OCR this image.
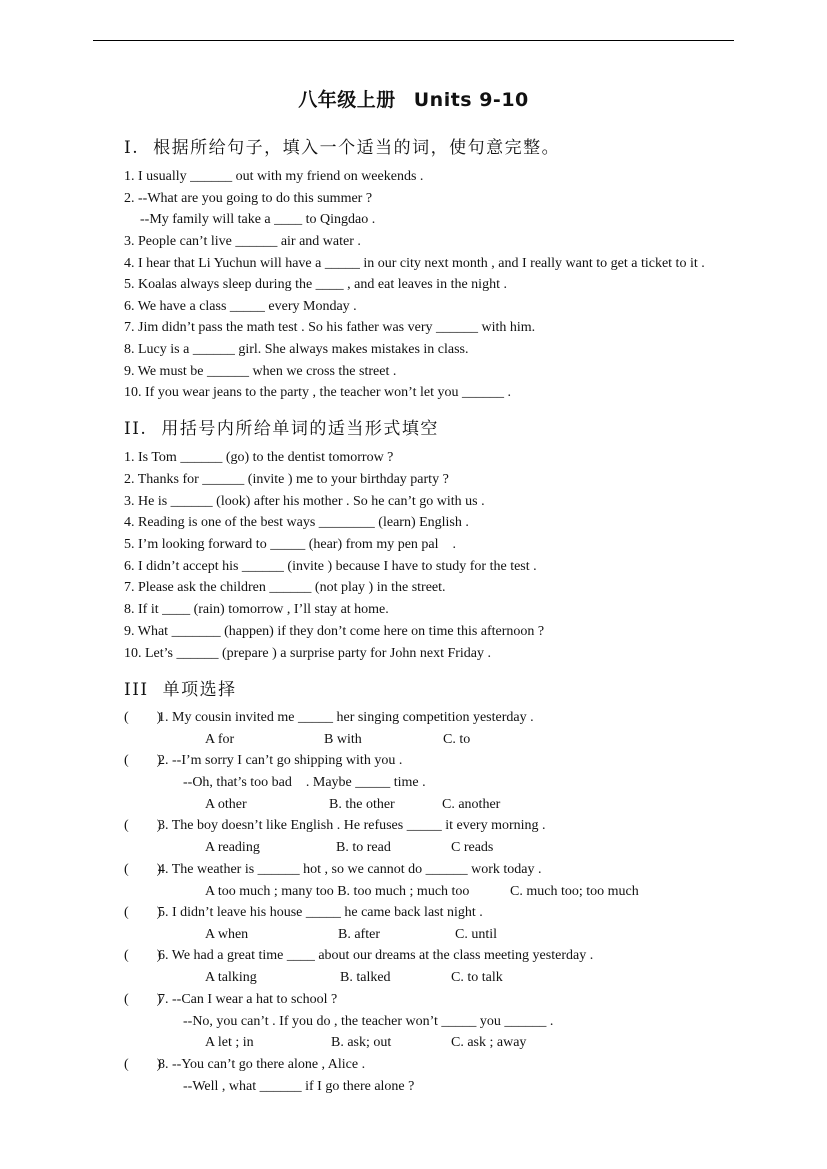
八年级上册 Units 9-10
I. 根据所给句子，填入一个适当的词，使句意完整。
1. I usually ______ out with my friend on weekends .
2. --What are you going to do this summer ?
--My family will take a ____ to Qingdao .
3. People can’t live ______ air and water .
4. I hear that Li Yuchun will have a _____ in our city next month , and I really want to get a ticket to it .
5. Koalas always sleep during the ____ , and eat leaves in the night .
6. We have a class _____ every Monday .
7. Jim didn’t pass the math test . So his father was very ______ with him.
8. Lucy is a ______ girl. She always makes mistakes in class.
9. We must be ______ when we cross the street .
10. If you wear jeans to the party , the teacher won’t let you ______ .
II. 用括号内所给单词的适当形式填空
1. Is Tom ______ (go) to the dentist tomorrow ?
2. Thanks for ______ (invite ) me to your birthday party ?
3. He is ______ (look) after his mother . So he can’t go with us .
4. Reading is one of the best ways ________ (learn) English .
5. I’m looking forward to _____ (hear) from my pen pal    .
6. I didn’t accept his ______ (invite ) because I have to study for the test .
7. Please ask the children ______ (not play ) in the street.
8. If it ____ (rain) tomorrow , I’ll stay at home.
9. What _______ (happen) if they don’t come here on time this afternoon ?
10. Let’s ______ (prepare ) a surprise party for John next Friday .
III 单项选择
(        )1. My cousin invited me _____ her singing competition yesterday .
A for	B with	C. to
(        )2. --I’m sorry I can’t go shipping with you .
--Oh, that’s too bad    . Maybe _____ time .
A other	B. the other	C. another
(        )3. The boy doesn’t like English . He refuses _____ it every morning .
A reading	B. to read	C reads
(        )4. The weather is ______ hot , so we cannot do ______ work today .
A too much ; many too B. too much ; much too	C. much too; too much
(        )5. I didn’t leave his house _____ he came back last night .
A when	B. after	C. until
(        )6. We had a great time ____ about our dreams at the class meeting yesterday .
A talking	B. talked	C. to talk
(        )7. --Can I wear a hat to school ?
--No, you can’t . If you do , the teacher won’t _____ you ______ .
A let ; in	B. ask; out	C. ask ; away
(        )8. --You can’t go there alone , Alice .
--Well , what ______ if I go there alone ?
